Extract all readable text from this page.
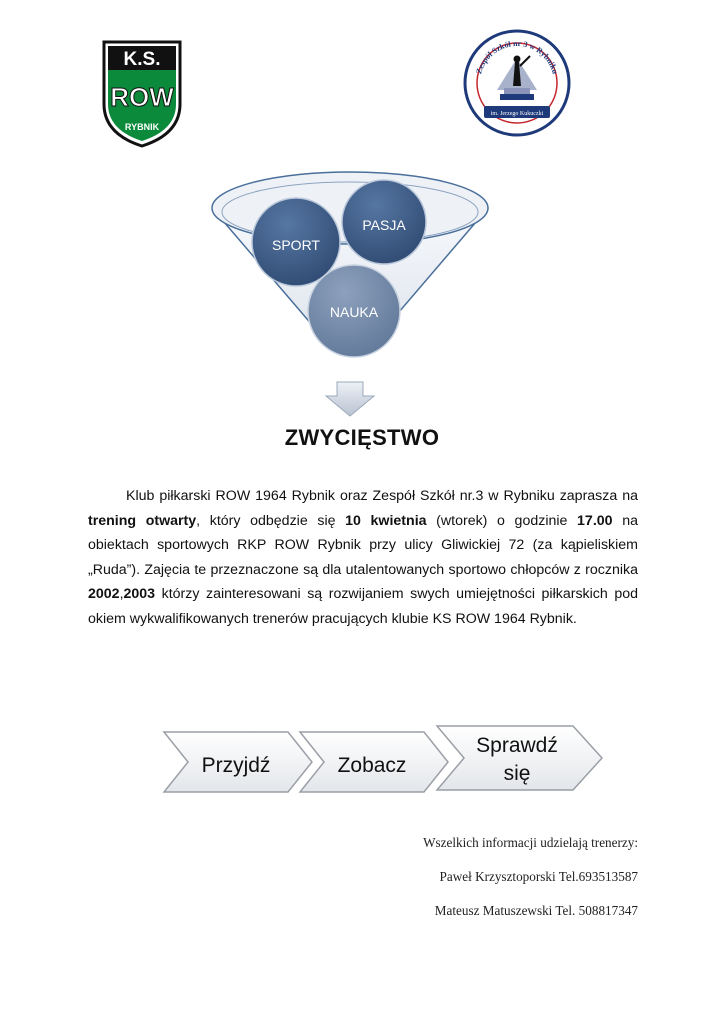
K.S.
ROW
RYBNIK
Zespół Szkół nr 3 w Rybniku
im. Jerzego Kukuczki
SPORT
PASJA
NAUKA
ZWYCIĘSTWO
Klub piłkarski ROW 1964 Rybnik oraz Zespół Szkół nr.3 w Rybniku zaprasza na trening otwarty, który odbędzie się 10 kwietnia (wtorek) o godzinie 17.00 na obiektach sportowych RKP ROW Rybnik przy ulicy Gliwickiej 72 (za kąpieliskiem „Ruda”). Zajęcia te przeznaczone są dla utalentowanych sportowo chłopców z rocznika 2002,2003 którzy zainteresowani są rozwijaniem swych umiejętności piłkarskich pod okiem wykwalifikowanych trenerów pracujących klubie KS ROW 1964 Rybnik.
Przyjdź	Zobacz
Sprawdź
się
Wszelkich informacji udzielają trenerzy:
Paweł Krzysztoporski Tel.693513587
Mateusz Matuszewski Tel. 508817347
